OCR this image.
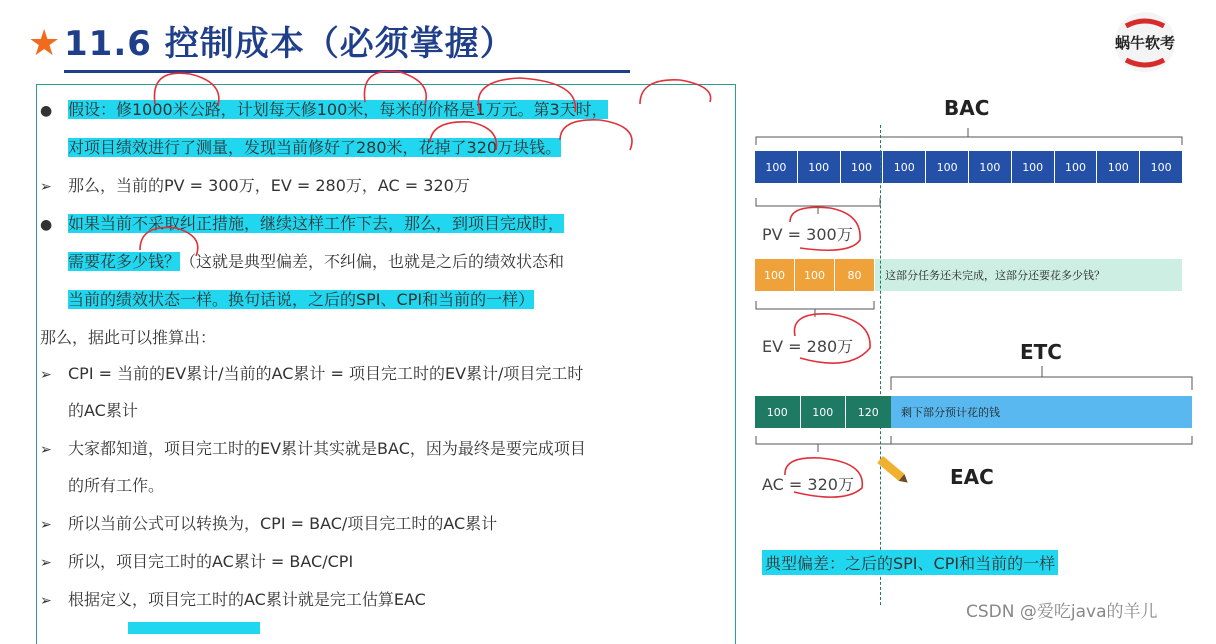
★ 11.6 控制成本（必须掌握）	蜗牛软考
● 假设：修1000米公路，计划每天修100米，每米的价格是1万元。第3天时，
对项目绩效进行了测量，发现当前修好了280米，花掉了320万块钱。
➢ 那么，当前的PV = 300万，EV = 280万，AC = 320万
● 如果当前不采取纠正措施，继续这样工作下去，那么，到项目完成时，
需要花多少钱？（这就是典型偏差，不纠偏，也就是之后的绩效状态和
当前的绩效状态一样。换句话说，之后的SPI、CPI和当前的一样）
那么，据此可以推算出：
➢ CPI = 当前的EV累计/当前的AC累计 = 项目完工时的EV累计/项目完工时
的AC累计
➢ 大家都知道，项目完工时的EV累计其实就是BAC，因为最终是要完成项目
的所有工作。
➢ 所以当前公式可以转换为，CPI = BAC/项目完工时的AC累计
➢ 所以，项目完工时的AC累计 = BAC/CPI
➢ 根据定义，项目完工时的AC累计就是完工估算EAC
BAC
100	100	100	100	100	100	100	100	100	100
PV = 300万
100	100	80	这部分任务还未完成，这部分还要花多少钱？
EV = 280万	ETC
100	100	120	剩下部分预计花的钱
AC = 320万	EAC
典型偏差：之后的SPI、CPI和当前的一样
CSDN @爱吃java的羊儿
